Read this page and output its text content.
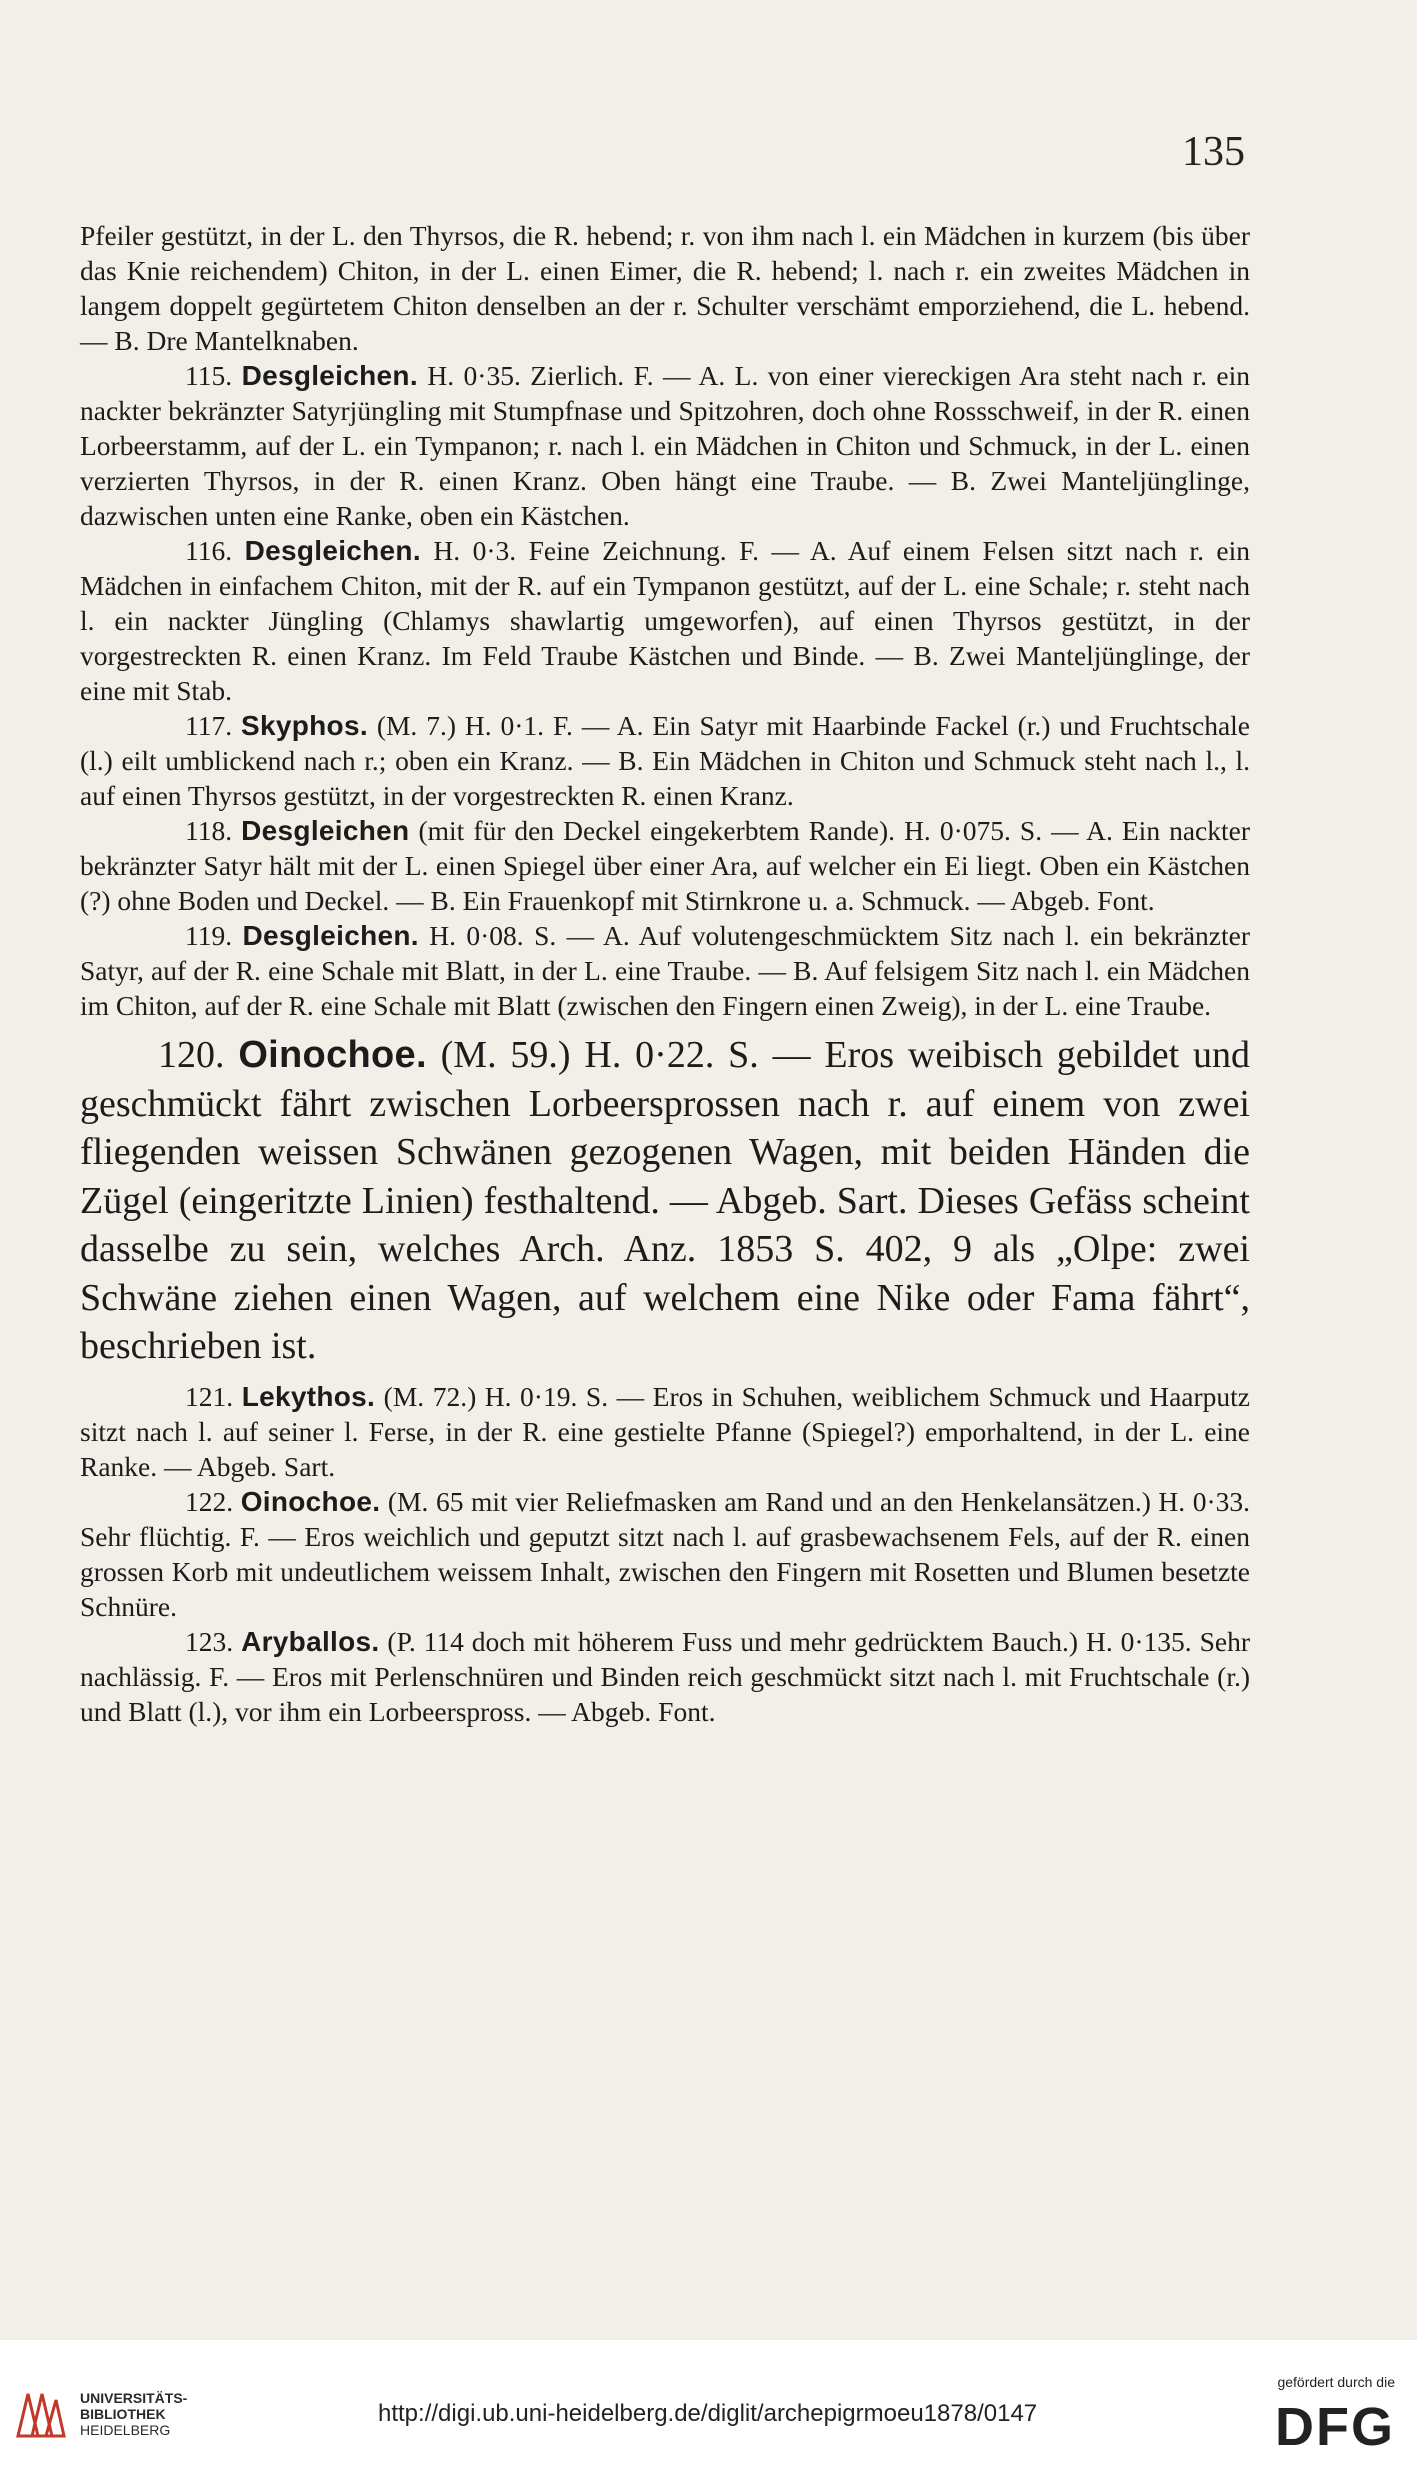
135

Pfeiler gestützt, in der L. den Thyrsos, die R. hebend; r. von ihm nach l. ein Mädchen in kurzem (bis über das Knie reichendem) Chiton, in der L. einen Eimer, die R. hebend; l. nach r. ein zweites Mädchen in langem doppelt gegürtetem Chiton denselben an der r. Schulter verschämt emporziehend, die L. hebend. — B. Dre Mantelknaben.

115. Desgleichen. H. 0·35. Zierlich. F. — A. L. von einer viereckigen Ara steht nach r. ein nackter bekränzter Satyrjüngling mit Stumpfnase und Spitzohren, doch ohne Rossschweif, in der R. einen Lorbeerstamm, auf der L. ein Tympanon; r. nach l. ein Mädchen in Chiton und Schmuck, in der L. einen verzierten Thyrsos, in der R. einen Kranz. Oben hängt eine Traube. — B. Zwei Manteljünglinge, dazwischen unten eine Ranke, oben ein Kästchen.

116. Desgleichen. H. 0·3. Feine Zeichnung. F. — A. Auf einem Felsen sitzt nach r. ein Mädchen in einfachem Chiton, mit der R. auf ein Tympanon gestützt, auf der L. eine Schale; r. steht nach l. ein nackter Jüngling (Chlamys shawlartig umgeworfen), auf einen Thyrsos gestützt, in der vorgestreckten R. einen Kranz. Im Feld Traube Kästchen und Binde. — B. Zwei Manteljünglinge, der eine mit Stab.

117. Skyphos. (M. 7.) H. 0·1. F. — A. Ein Satyr mit Haarbinde Fackel (r.) und Fruchtschale (l.) eilt umblickend nach r.; oben ein Kranz. — B. Ein Mädchen in Chiton und Schmuck steht nach l., l. auf einen Thyrsos gestützt, in der vorgestreckten R. einen Kranz.

118. Desgleichen (mit für den Deckel eingekerbtem Rande). H. 0·075. S. — A. Ein nackter bekränzter Satyr hält mit der L. einen Spiegel über einer Ara, auf welcher ein Ei liegt. Oben ein Kästchen (?) ohne Boden und Deckel. — B. Ein Frauenkopf mit Stirnkrone u. a. Schmuck. — Abgeb. Font.

119. Desgleichen. H. 0·08. S. — A. Auf volutengeschmücktem Sitz nach l. ein bekränzter Satyr, auf der R. eine Schale mit Blatt, in der L. eine Traube. — B. Auf felsigem Sitz nach l. ein Mädchen im Chiton, auf der R. eine Schale mit Blatt (zwischen den Fingern einen Zweig), in der L. eine Traube.

120. Oinochoe. (M. 59.) H. 0·22. S. — Eros weibisch gebildet und geschmückt fährt zwischen Lorbeersprossen nach r. auf einem von zwei fliegenden weissen Schwänen gezogenen Wagen, mit beiden Händen die Zügel (eingeritzte Linien) festhaltend. — Abgeb. Sart. Dieses Gefäss scheint dasselbe zu sein, welches Arch. Anz. 1853 S. 402, 9 als „Olpe: zwei Schwäne ziehen einen Wagen, auf welchem eine Nike oder Fama fährt“, beschrieben ist.

121. Lekythos. (M. 72.) H. 0·19. S. — Eros in Schuhen, weiblichem Schmuck und Haarputz sitzt nach l. auf seiner l. Ferse, in der R. eine gestielte Pfanne (Spiegel?) emporhaltend, in der L. eine Ranke. — Abgeb. Sart.

122. Oinochoe. (M. 65 mit vier Reliefmasken am Rand und an den Henkelansätzen.) H. 0·33. Sehr flüchtig. F. — Eros weichlich und geputzt sitzt nach l. auf grasbewachsenem Fels, auf der R. einen grossen Korb mit undeutlichem weissem Inhalt, zwischen den Fingern mit Rosetten und Blumen besetzte Schnüre.

123. Aryballos. (P. 114 doch mit höherem Fuss und mehr gedrücktem Bauch.) H. 0·135. Sehr nachlässig. F. — Eros mit Perlenschnüren und Binden reich geschmückt sitzt nach l. mit Fruchtschale (r.) und Blatt (l.), vor ihm ein Lorbeerspross. — Abgeb. Font.

UNIVERSITÄTS-
BIBLIOTHEK
HEIDELBERG
http://digi.ub.uni-heidelberg.de/diglit/archepigrmoeu1878/0147
gefördert durch die
DFG
